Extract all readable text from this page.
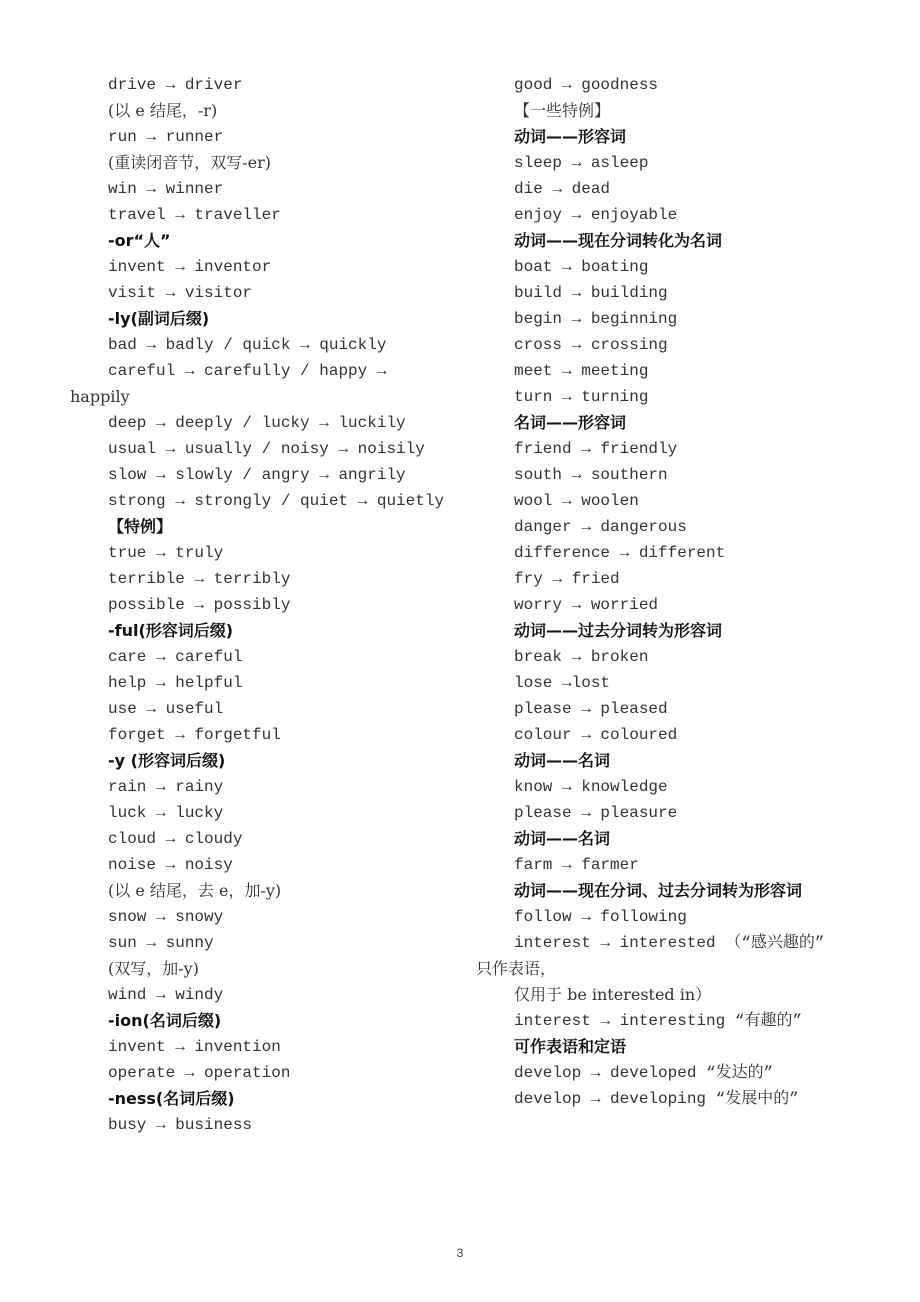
drive → driver
(以 e 结尾，-r)
run → runner
(重读闭音节，双写-er)
win → winner
travel → traveller
-or“人”
invent → inventor
visit → visitor
-ly(副词后缀)
bad → badly / quick → quickly
careful → carefully / happy →
happily
deep → deeply / lucky → luckily
usual → usually / noisy → noisily
slow → slowly / angry → angrily
strong → strongly / quiet → quietly
【特例】
true → truly
terrible → terribly
possible → possibly
-ful(形容词后缀)
care → careful
help → helpful
use → useful
forget → forgetful
-y (形容词后缀)
rain → rainy
luck → lucky
cloud → cloudy
noise → noisy
(以 e 结尾，去 e，加-y)
snow → snowy
sun → sunny
(双写，加-y)
wind → windy
-ion(名词后缀)
invent → invention
operate → operation
-ness(名词后缀)
busy → business
good → goodness
【一些特例】
动词——形容词
sleep → asleep
die → dead
enjoy → enjoyable
动词——现在分词转化为名词
boat → boating
build → building
begin → beginning
cross → crossing
meet → meeting
turn → turning
名词——形容词
friend → friendly
south → southern
wool → woolen
danger → dangerous
difference → different
fry → fried
worry → worried
动词——过去分词转为形容词
break → broken
lose →lost
please → pleased
colour → coloured
动词——名词
know → knowledge
please → pleasure
动词——名词
farm → farmer
动词——现在分词、过去分词转为形容词
follow → following
interest → interested （“感兴趣的”
只作表语，
仅用于 be interested in）
interest → interesting “有趣的”
可作表语和定语
develop → developed “发达的”
develop → developing “发展中的”
3
